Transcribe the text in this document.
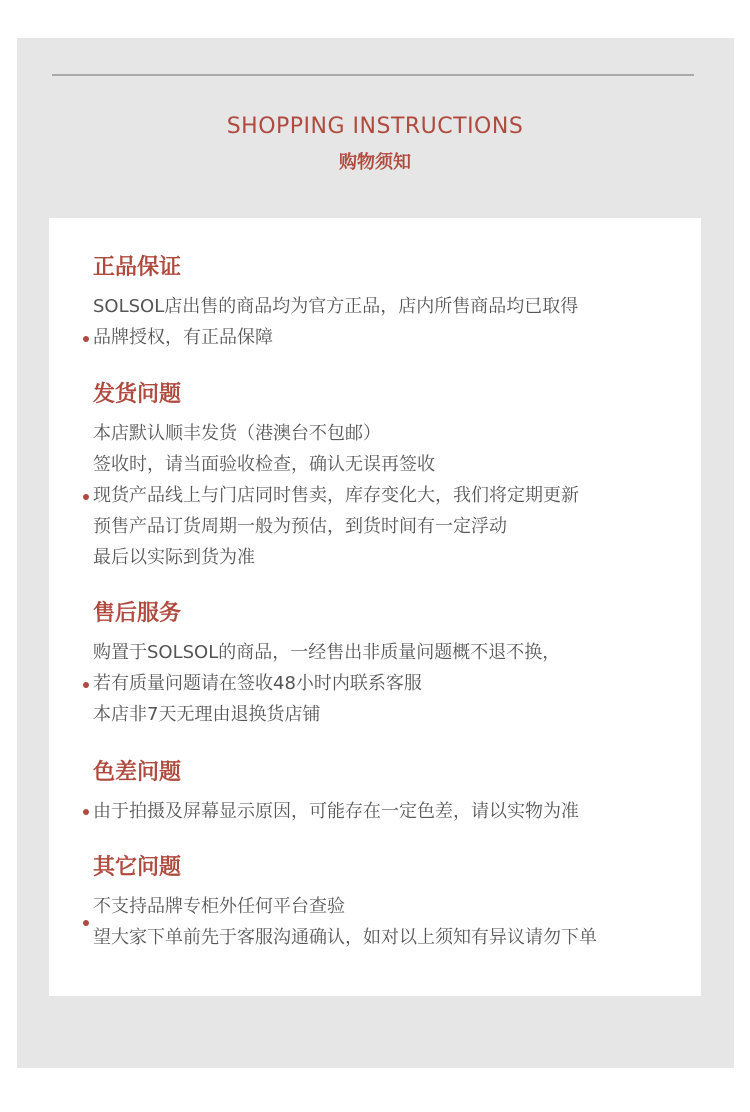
SHOPPING INSTRUCTIONS
购物须知
正品保证
SOLSOL店出售的商品均为官方正品，店内所售商品均已取得
品牌授权，有正品保障
发货问题
本店默认顺丰发货（港澳台不包邮）
签收时，请当面验收检查，确认无误再签收
现货产品线上与门店同时售卖，库存变化大，我们将定期更新
预售产品订货周期一般为预估，到货时间有一定浮动
最后以实际到货为准
售后服务
购置于SOLSOL的商品，一经售出非质量问题概不退不换，
若有质量问题请在签收48小时内联系客服
本店非7天无理由退换货店铺
色差问题
由于拍摄及屏幕显示原因，可能存在一定色差，请以实物为准
其它问题
不支持品牌专柜外任何平台查验
望大家下单前先于客服沟通确认，如对以上须知有异议请勿下单
